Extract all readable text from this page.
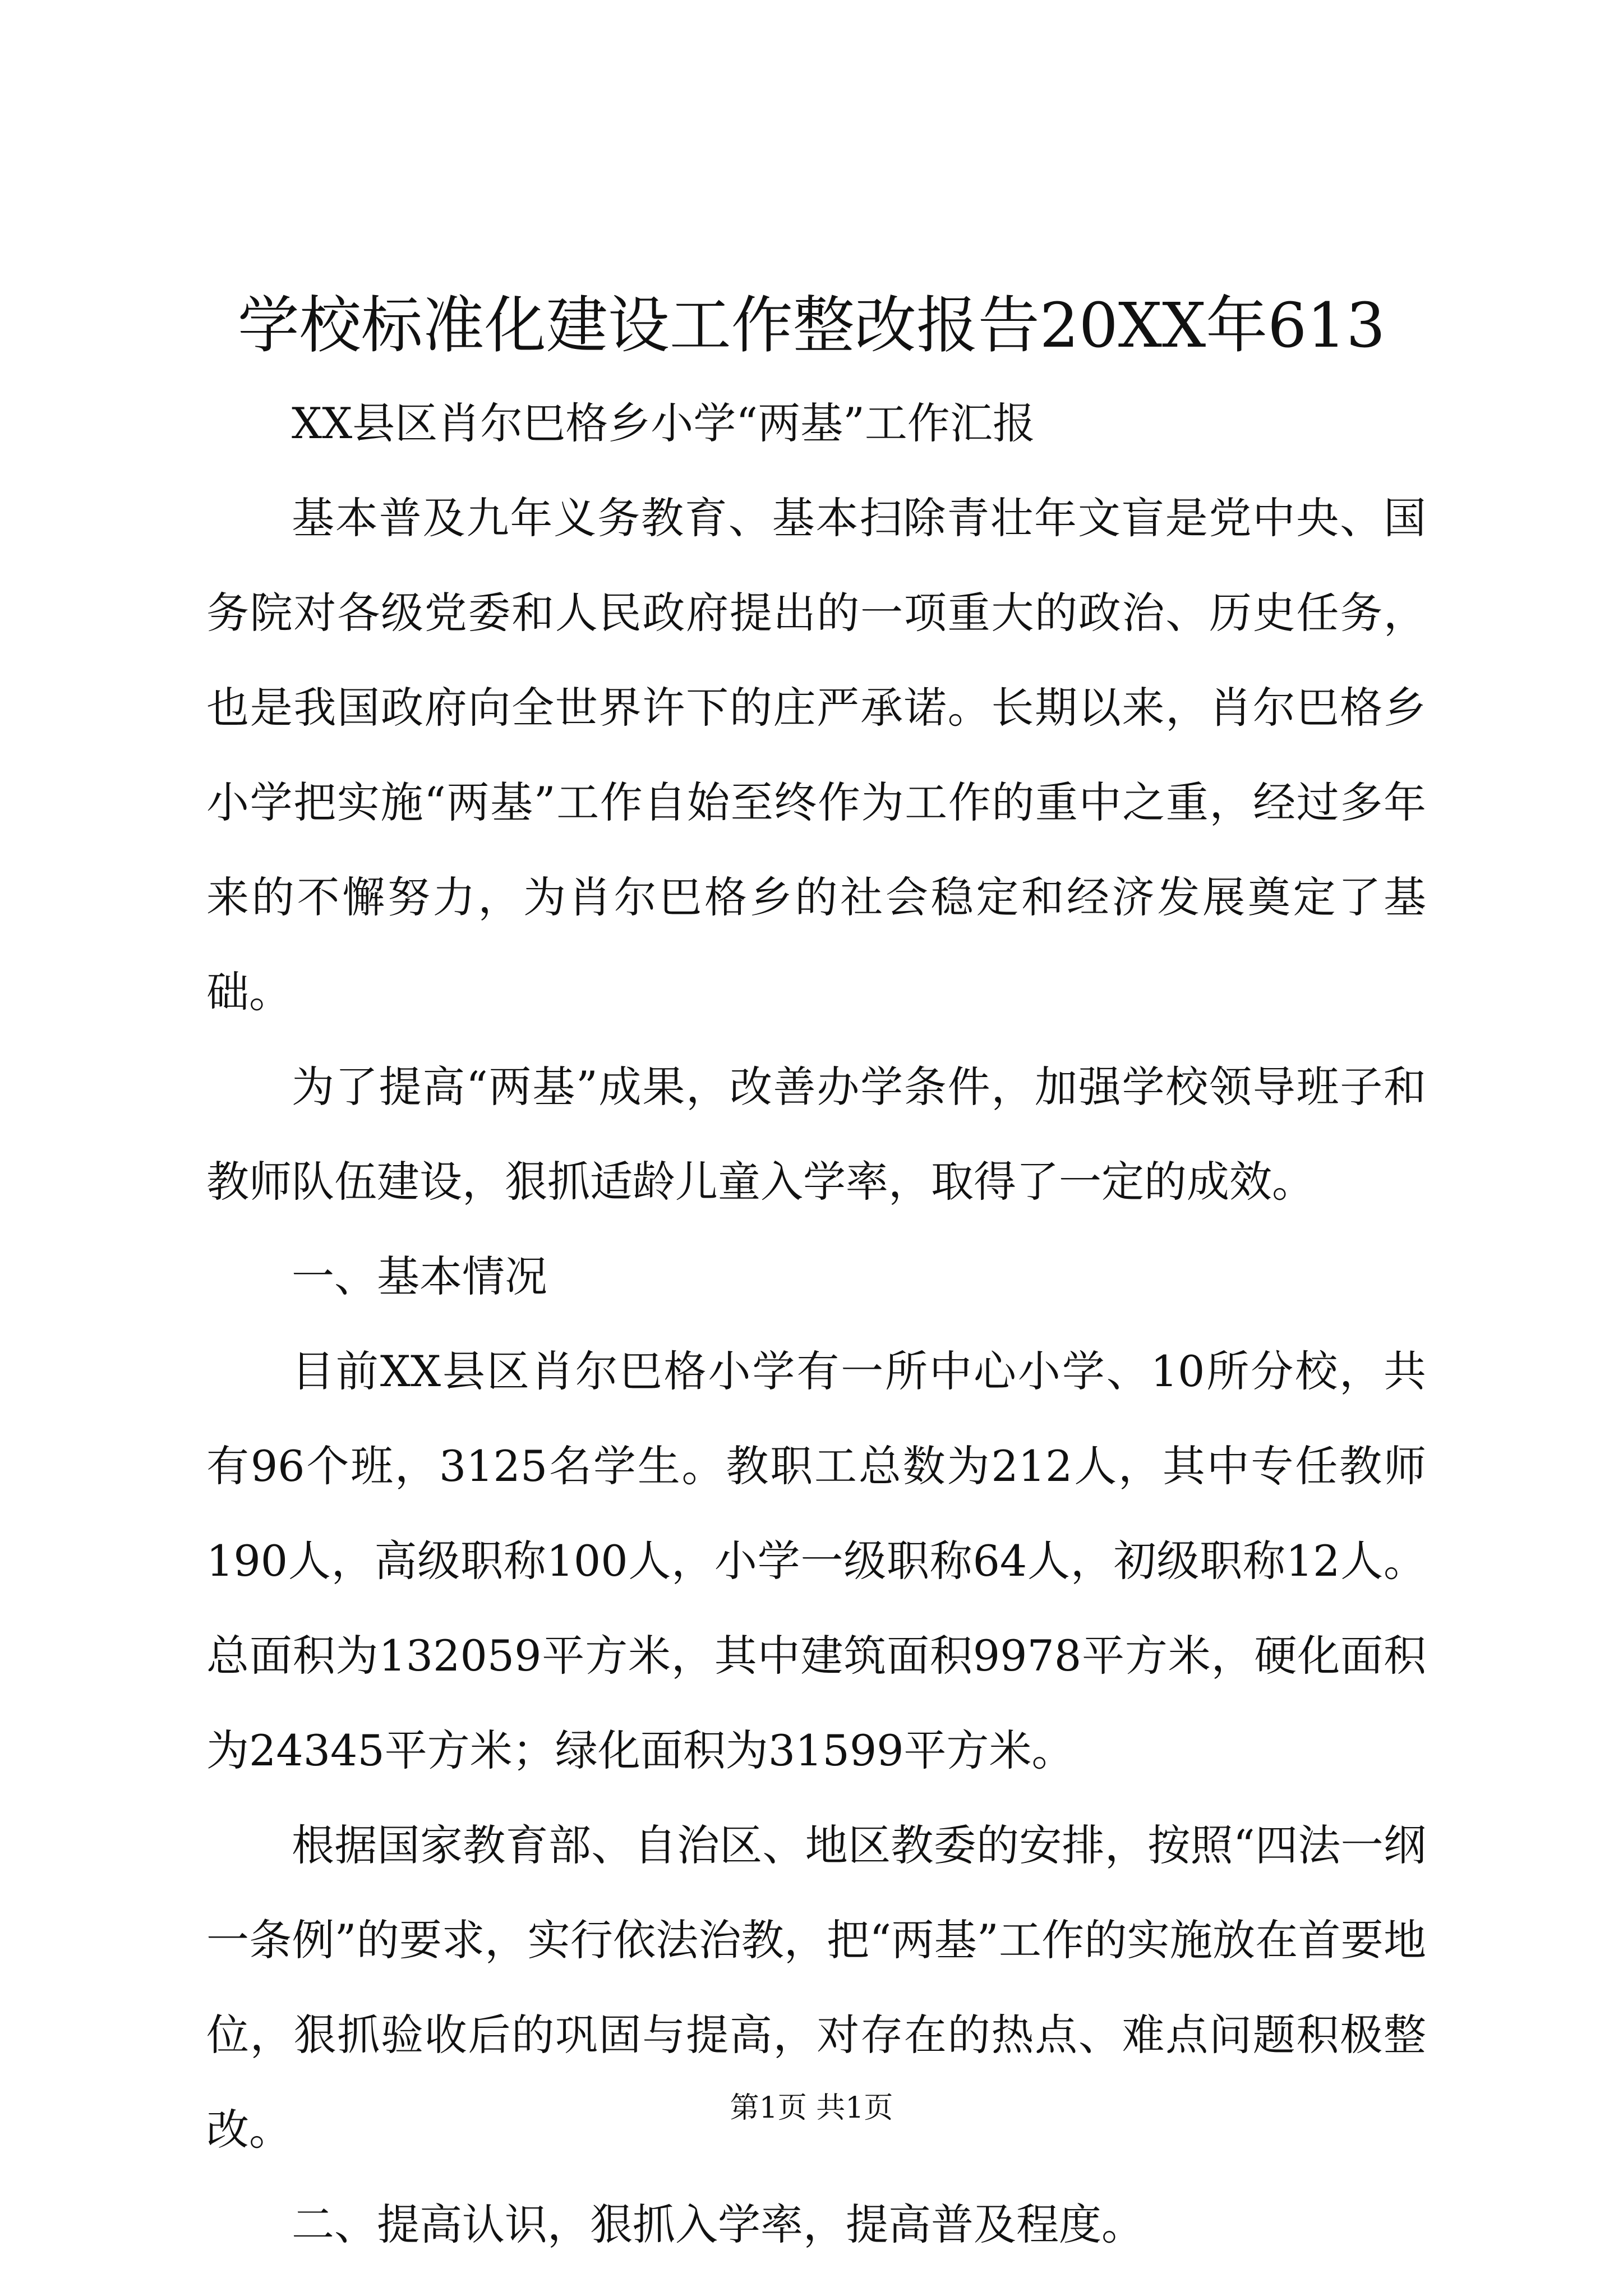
学校标准化建设工作整改报告20XX年613

XX县区肖尔巴格乡小学“两基”工作汇报

基本普及九年义务教育、基本扫除青壮年文盲是党中央、国务院对各级党委和人民政府提出的一项重大的政治、历史任务，也是我国政府向全世界许下的庄严承诺。长期以来，肖尔巴格乡小学把实施“两基”工作自始至终作为工作的重中之重，经过多年来的不懈努力，为肖尔巴格乡的社会稳定和经济发展奠定了基础。

为了提高“两基”成果，改善办学条件，加强学校领导班子和教师队伍建设，狠抓适龄儿童入学率，取得了一定的成效。

一、基本情况

目前XX县区肖尔巴格小学有一所中心小学、10所分校，共有96个班，3125名学生。教职工总数为212人，其中专任教师190人，高级职称100人，小学一级职称64人，初级职称12人。总面积为132059平方米，其中建筑面积9978平方米，硬化面积为24345平方米；绿化面积为31599平方米。

根据国家教育部、自治区、地区教委的安排，按照“四法一纲一条例”的要求，实行依法治教，把“两基”工作的实施放在首要地位，狠抓验收后的巩固与提高，对存在的热点、难点问题积极整改。

二、提高认识，狠抓入学率，提高普及程度。

第1页 共1页
